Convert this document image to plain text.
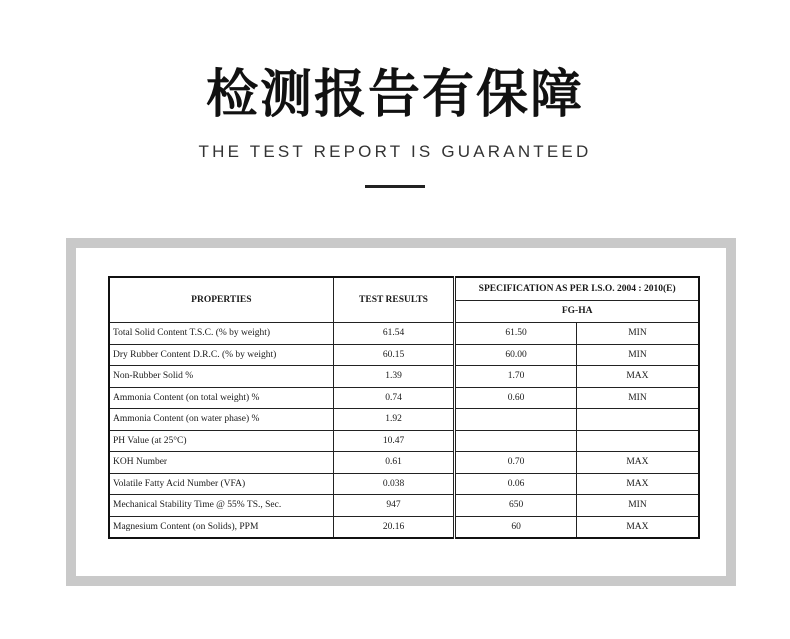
检测报告有保障
THE TEST REPORT IS GUARANTEED
PROPERTIES	TEST RESULTS	SPECIFICATION AS PER I.S.O. 2004 : 2010(E)	
		FG-HA	
Total Solid Content T.S.C. (% by weight)	61.54	61.50	MIN
Dry Rubber Content D.R.C. (% by weight)	60.15	60.00	MIN
Non-Rubber Solid %	1.39	1.70	MAX
Ammonia Content (on total weight) %	0.74	0.60	MIN
Ammonia Content (on water phase) %	1.92		
PH Value (at 25°C)	10.47		
KOH Number	0.61	0.70	MAX
Volatile Fatty Acid Number (VFA)	0.038	0.06	MAX
Mechanical Stability Time @ 55% TS., Sec.	947	650	MIN
Magnesium Content (on Solids), PPM	20.16	60	MAX
